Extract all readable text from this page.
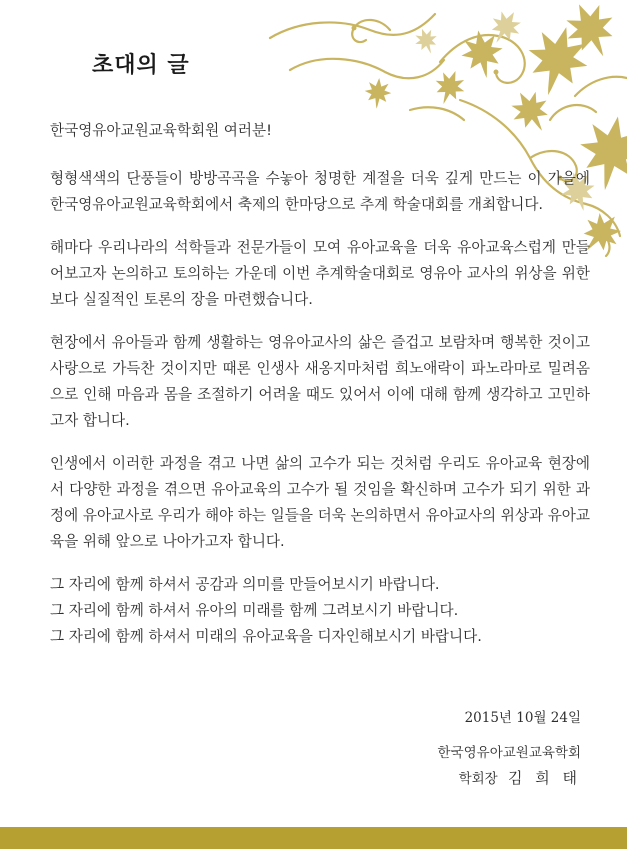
초대의 글

한국영유아교원교육학회원 여러분!

형형색색의 단풍들이 방방곡곡을 수놓아 청명한 계절을 더욱 깊게 만드는 이 가을에 한국영유아교원교육학회에서 축제의 한마당으로 추계 학술대회를 개최합니다.

해마다 우리나라의 석학들과 전문가들이 모여 유아교육을 더욱 유아교육스럽게 만들어보고자 논의하고 토의하는 가운데 이번 추계학술대회로 영유아 교사의 위상을 위한 보다 실질적인 토론의 장을 마련했습니다.

현장에서 유아들과 함께 생활하는 영유아교사의 삶은 즐겁고 보람차며 행복한 것이고 사랑으로 가득찬 것이지만 때론 인생사 새옹지마처럼 희노애락이 파노라마로 밀려옴으로 인해 마음과 몸을 조절하기 어려울 때도 있어서 이에 대해 함께 생각하고 고민하고자 합니다.

인생에서 이러한 과정을 겪고 나면 삶의 고수가 되는 것처럼 우리도 유아교육 현장에서 다양한 과정을 겪으면 유아교육의 고수가 될 것임을 확신하며 고수가 되기 위한 과정에 유아교사로 우리가 해야 하는 일들을 더욱 논의하면서 유아교사의 위상과 유아교육을 위해 앞으로 나아가고자 합니다.

그 자리에 함께 하셔서 공감과 의미를 만들어보시기 바랍니다.
그 자리에 함께 하셔서 유아의 미래를 함께 그려보시기 바랍니다.
그 자리에 함께 하셔서 미래의 유아교육을 디자인해보시기 바랍니다.
2015년 10월 24일
한국영유아교원교육학회
학회장 김 희 태
